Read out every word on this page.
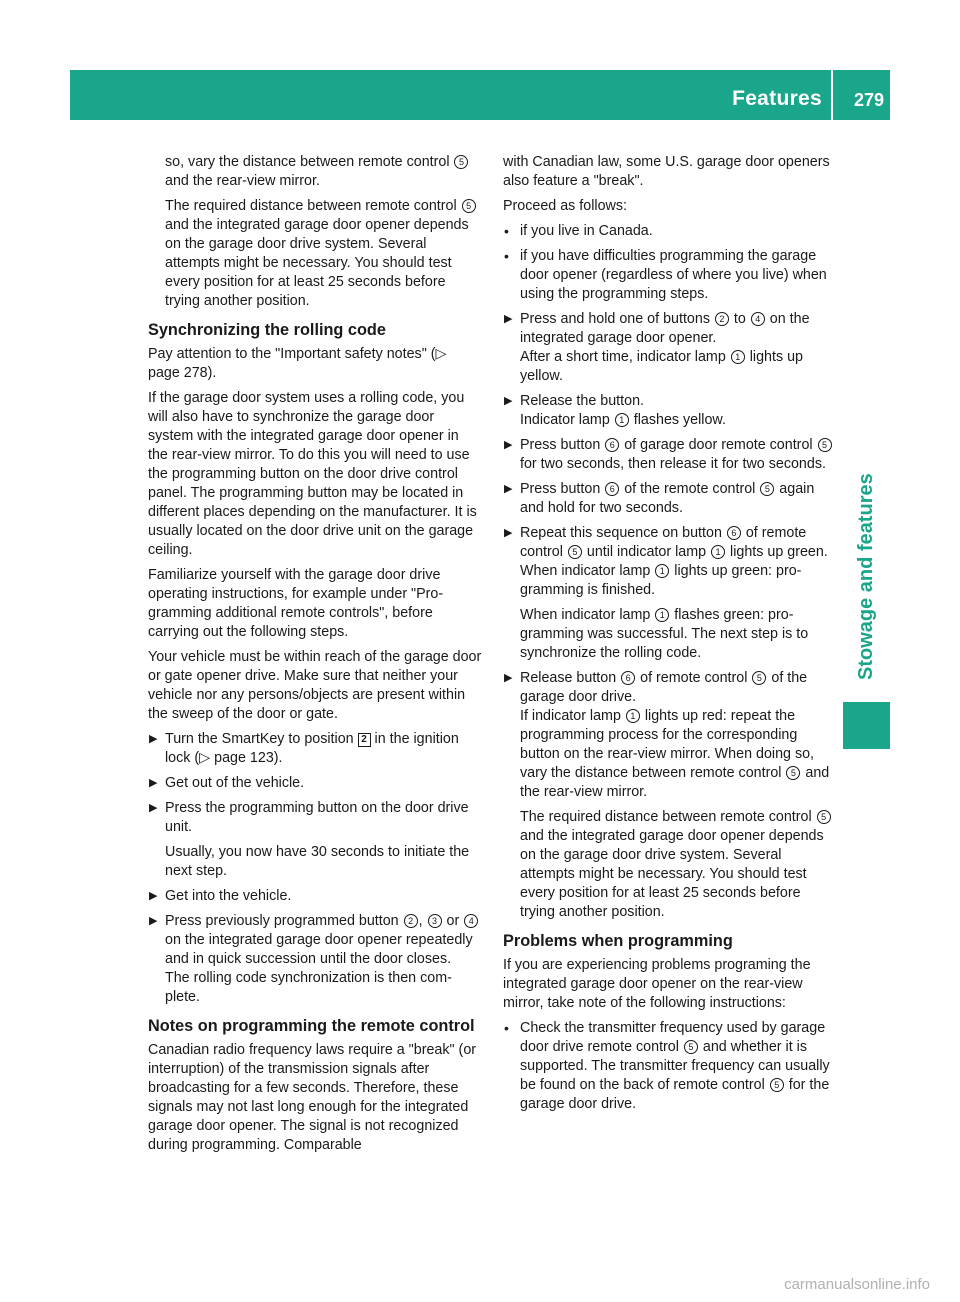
Features 279
Stowage and features

so, vary the distance between remote control 5 and the rear-view mirror.

The required distance between remote control 5 and the integrated garage door opener depends on the garage door drive system. Several attempts might be necessary. You should test every position for at least 25 seconds before trying another position.

Synchronizing the rolling code

Pay attention to the "Important safety notes" (▷ page 278).

If the garage door system uses a rolling code, you will also have to synchronize the garage door system with the integrated garage door opener in the rear-view mirror. To do this you will need to use the programming button on the door drive control panel. The programming button may be located in different places depending on the manufacturer. It is usually located on the door drive unit on the garage ceiling.

Familiarize yourself with the garage door drive operating instructions, for example under "Programming additional remote controls", before carrying out the following steps.

Your vehicle must be within reach of the garage door or gate opener drive. Make sure that neither your vehicle nor any persons/objects are present within the sweep of the door or gate.

▶ Turn the SmartKey to position 2 in the ignition lock (▷ page 123).

▶ Get out of the vehicle.

▶ Press the programming button on the door drive unit.

Usually, you now have 30 seconds to initiate the next step.

▶ Get into the vehicle.

▶ Press previously programmed button 2 , 3 or 4 on the integrated garage door opener repeatedly and in quick succession until the door closes.
The rolling code synchronization is then complete.

Notes on programming the remote control

Canadian radio frequency laws require a "break" (or interruption) of the transmission signals after broadcasting for a few seconds. Therefore, these signals may not last long enough for the integrated garage door opener. The signal is not recognized during programming. Comparable

with Canadian law, some U.S. garage door openers also feature a "break".

Proceed as follows:

• if you live in Canada.

• if you have difficulties programming the garage door opener (regardless of where you live) when using the programming steps.

▶ Press and hold one of buttons 2 to 4 on the integrated garage door opener.
After a short time, indicator lamp 1 lights up yellow.

▶ Release the button.
Indicator lamp 1 flashes yellow.

▶ Press button 6 of garage door remote control 5 for two seconds, then release it for two seconds.

▶ Press button 6 of the remote control 5 again and hold for two seconds.

▶ Repeat this sequence on button 6 of remote control 5 until indicator lamp 1 lights up green.
When indicator lamp 1 lights up green: programming is finished.

When indicator lamp 1 flashes green: programming was successful. The next step is to synchronize the rolling code.

▶ Release button 6 of remote control 5 of the garage door drive.
If indicator lamp 1 lights up red: repeat the programming process for the corresponding button on the rear-view mirror. When doing so, vary the distance between remote control 5 and the rear-view mirror.

The required distance between remote control 5 and the integrated garage door opener depends on the garage door drive system. Several attempts might be necessary. You should test every position for at least 25 seconds before trying another position.

Problems when programming

If you are experiencing problems programing the integrated garage door opener on the rear-view mirror, take note of the following instructions:

• Check the transmitter frequency used by garage door drive remote control 5 and whether it is supported. The transmitter frequency can usually be found on the back of remote control 5 for the garage door drive.

carmanualsonline.info
